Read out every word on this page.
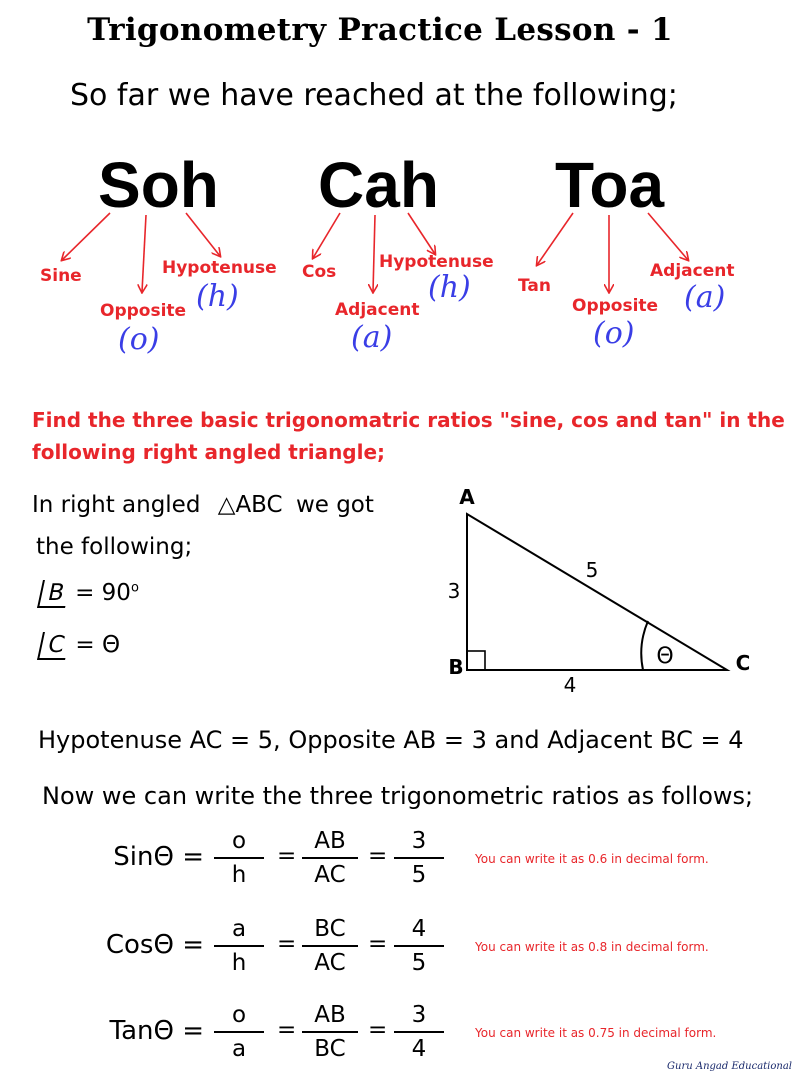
Trigonometry Practice Lesson - 1
So far we have reached at the following;
Soh Cah Toa
Sine
Opposite
Hypotenuse
(o)
(h)
Cos
Adjacent
Hypotenuse
(a)
(h)	Tan
Opposite
Adjacent
(o)
(a)
Find the three basic trigonomatric ratios "sine, cos and tan" in the following right angled triangle;
In right angled △ABC we got
the following;
$B = 90^o$
C = Θ
A
B	C
3
4
5
Θ
Hypotenuse AC = 5, Opposite AB = 3 and Adjacent BC = 4
Now we can write the three trigonometric ratios as follows;
SinΘ =
o
h
=
AB
AC
=
3
5
You can write it as 0.6 in decimal form.
CosΘ =
a
h
=
BC
AC
=
4
5
You can write it as 0.8 in decimal form.
TanΘ =
o
a
=
AB
BC
=
3
4
You can write it as 0.75 in decimal form.
Guru Angad Educational
